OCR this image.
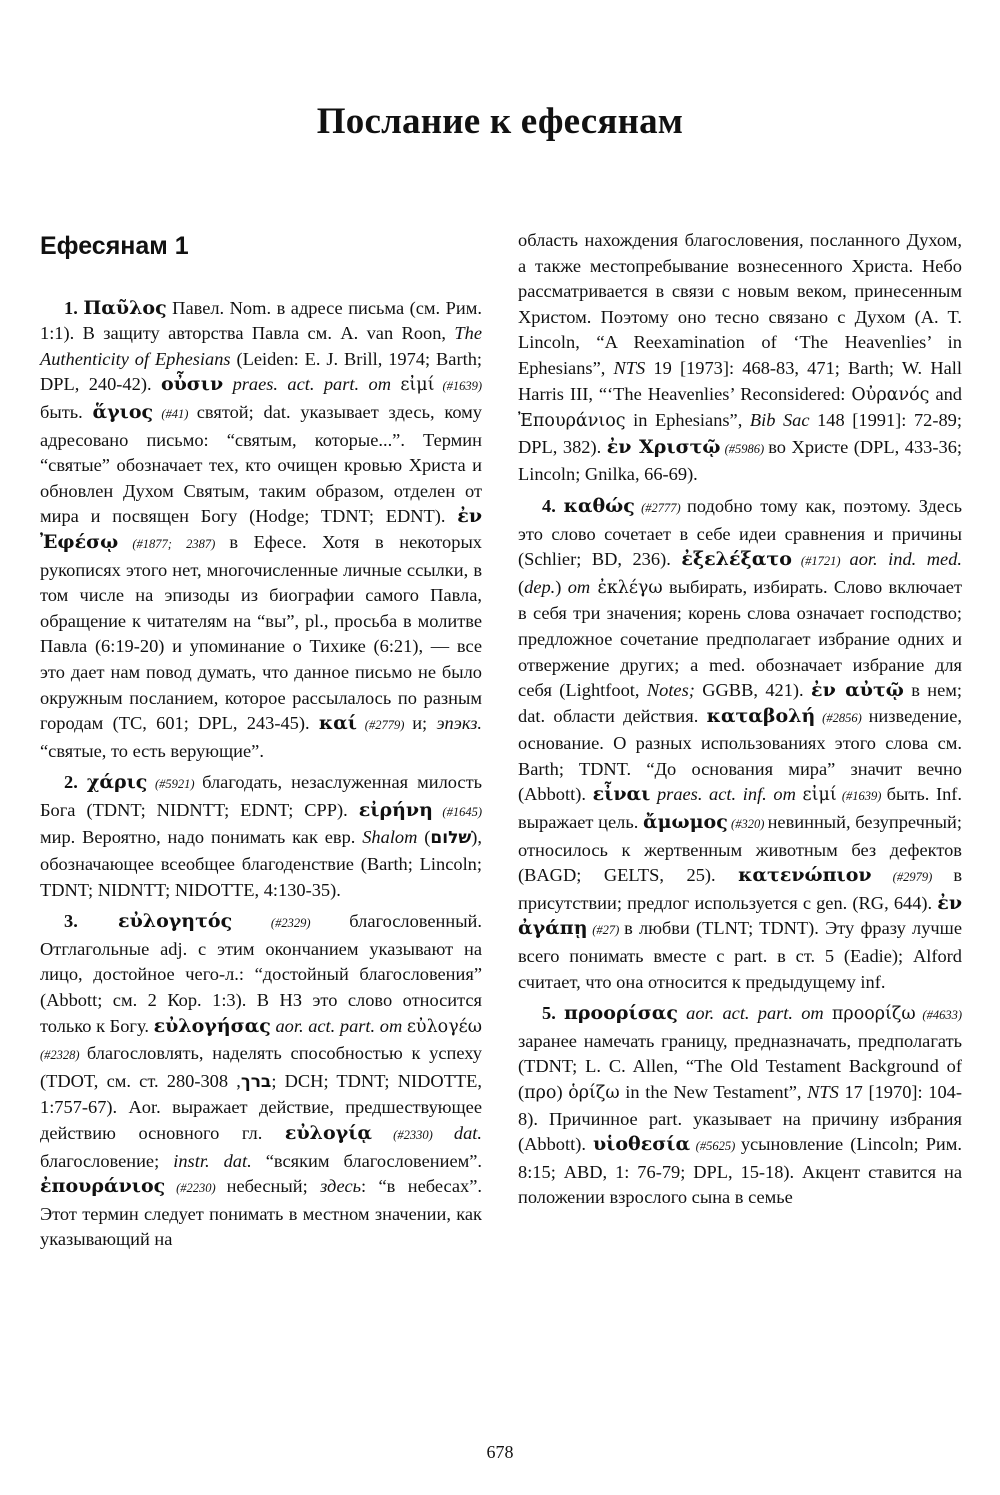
Послание к ефесянам
Ефесянам 1

1. Παῦλος Павел. Nom. в адресе письма (см. Рим. 1:1). В защиту авторства Павла см. A. van Roon, The Authenticity of Ephesians (Leiden: E. J. Brill, 1974; Barth; DPL, 240-42). οὖσιν praes. act. part. от εἰμί (#1639) быть. ἅγιος (#41) святой; dat. указывает здесь, кому адресовано письмо: “святым, которые...”. Термин “святые” обозначает тех, кто очищен кровью Христа и обновлен Духом Святым, таким образом, отделен от мира и посвящен Богу (Hodge; TDNT; EDNT). ἐν Ἐφέσῳ (#1877; 2387) в Ефесе. Хотя в некоторых рукописях этого нет, многочисленные личные ссылки, в том числе на эпизоды из биографии самого Павла, обращение к читателям на “вы”, pl., просьба в молитве Павла (6:19-20) и упоминание о Тихике (6:21), — все это дает нам повод думать, что данное письмо не было окружным посланием, которое рассылалось по разным городам (TC, 601; DPL, 243-45). καί (#2779) и; эпэкз. “святые, то есть верующие”.

2. χάρις (#5921) благодать, незаслуженная милость Бога (TDNT; NIDNTT; EDNT; CPP). εἰρήνη (#1645) мир. Вероятно, надо понимать как евр. Shalom (שׁלום), обозначающее всеобщее благоденствие (Barth; Lincoln; TDNT; NIDNTT; NIDOTTE, 4:130-35).

3. εὐλογητός (#2329) благословенный. Отглагольные adj. с этим окончанием указывают на лицо, достойное чего-л.: “достойный благословения” (Abbott; см. 2 Кор. 1:3). В НЗ это слово относится только к Богу. εὐλογήσας aor. act. part. от εὐλογέω (#2328) благословлять, наделять способностью к успеху (TDOT, см. ст.	ברך, 280-308; DCH; TDNT; NIDOTTE, 1:757-67). Aor. выражает действие, предшествующее действию основного гл. εὐλογίᾳ (#2330) dat. благословение; instr. dat. “всяким благословением”. ἐπουράνιος (#2230) небесный; здесь: “в небесах”. Этот термин следует понимать в местном значении, как указывающий на

область нахождения благословения, посланного Духом, а также местопребывание вознесенного Христа. Небо рассматривается в связи с новым веком, принесенным Христом. Поэтому оно тесно связано с Духом (A. T. Lincoln, “A Reexamination of ‘The Heavenlies’ in Ephesians”, NTS 19 [1973]: 468-83, 471; Barth; W. Hall Harris III, “‘The Heavenlies’ Reconsidered: Οὐρανός and Ἐπουράνιος in Ephesians”, Bib Sac 148 [1991]: 72-89; DPL, 382). ἐν Χριστῷ (#5986) во Христе (DPL, 433-36; Lincoln; Gnilka, 66-69).

4. καθώς (#2777) подобно тому как, поэтому. Здесь это слово сочетает в себе идеи сравнения и причины (Schlier; BD, 236). ἐξελέξατο (#1721) aor. ind. med. (dep.) от ἐκλέγω выбирать, избирать. Слово включает в себя три значения; корень слова означает господство; предложное сочетание предполагает избрание одних и отвержение других; a med. обозначает избрание для себя (Lightfoot, Notes; GGBB, 421). ἐν αὐτῷ в нем; dat. области действия. καταβολή (#2856) низведение, основание. О разных использованиях этого слова см. Barth; TDNT. “До основания мира” значит вечно (Abbott). εἶναι praes. act. inf. от εἰμί (#1639) быть. Inf. выражает цель. ἄμωμος (#320) невинный, безупречный; относилось к жертвенным животным без дефектов (BAGD; GELTS, 25). κατενώπιον (#2979) в присутствии; предлог используется с gen. (RG, 644). ἐν ἀγάπῃ (#27) в любви (TLNT; TDNT). Эту фразу лучше всего понимать вместе с part. в ст. 5 (Eadie); Alford считает, что она относится к предыдущему inf.

5. προορίσας aor. act. part. от προορίζω (#4633) заранее намечать границу, предназначать, предполагать (TDNT; L. C. Allen, “The Old Testament Background of (προ) ὁρίζω in the New Testament”, NTS 17 [1970]: 104-8). Причинное part. указывает на причину избрания (Abbott). υἱοθεσία (#5625) усыновление (Lincoln; Рим. 8:15; ABD, 1: 76-79; DPL, 15-18). Акцент ставится на положении взрослого сына в семье

678
